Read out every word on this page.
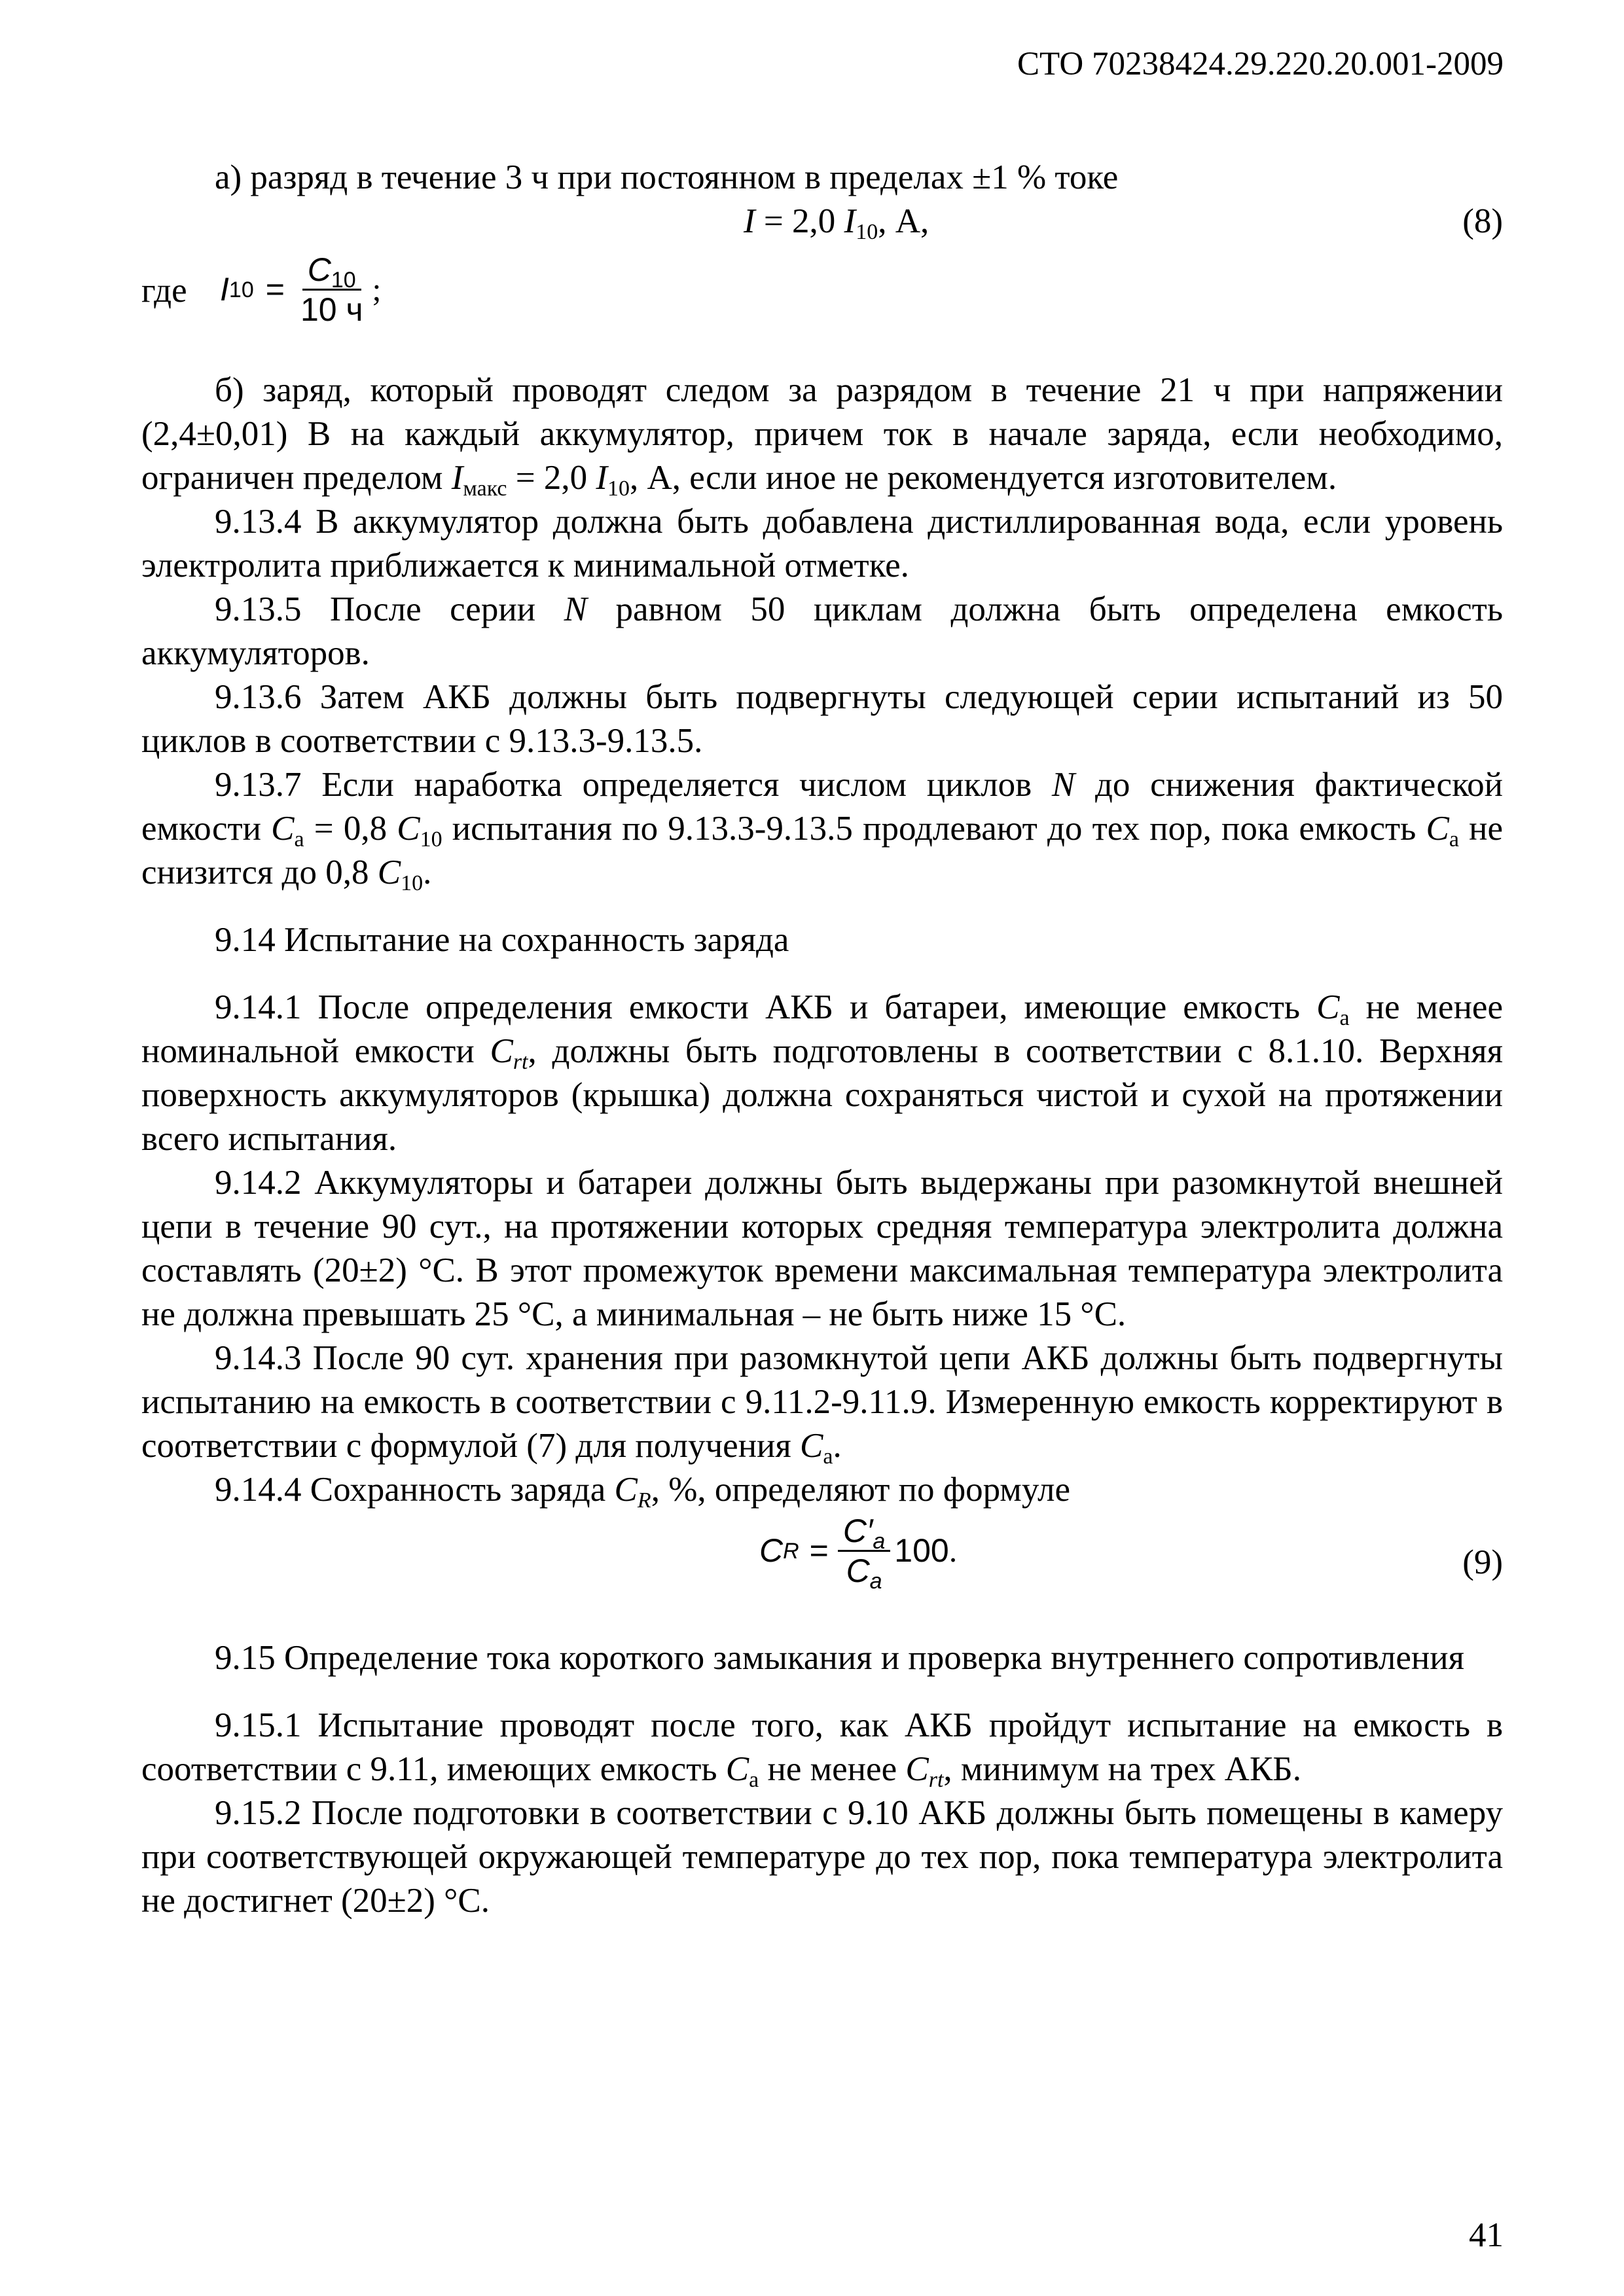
СТО 70238424.29.220.20.001-2009

а) разряд в течение 3 ч при постоянном в пределах ±1 % токе

I = 2,0 $I_{10}$, А,	(8)
где I $10 = \frac{C_{10}}{10 ч}$ ;

б) заряд, который проводят следом за разрядом в течение 21 ч при напряжении (2,4±0,01) В на каждый аккумулятор, причем ток в начале заряда, если необходимо, ограничен пределом $I_{макс} = 2,0$ $I_{10}$, А, если иное не рекомендуется изготовителем.

9.13.4 В аккумулятор должна быть добавлена дистиллированная вода, если уровень электролита приближается к минимальной отметке.

9.13.5 После серии N равном 50 циклам должна быть определена емкость аккумуляторов.

9.13.6 Затем АКБ должны быть подвергнуты следующей серии испытаний из 50 циклов в соответствии с 9.13.3-9.13.5.

9.13.7 Если наработка определяется числом циклов N до снижения фактической емкости $C_а = 0,8$ $C_{10}$ испытания по 9.13.3-9.13.5 продлевают до тех пор, пока емкость $C_а$ не снизится до 0,8 $C_{10}$.

9.14 Испытание на сохранность заряда

9.14.1 После определения емкости АКБ и батареи, имеющие емкость $C_а$ не менее номинальной емкости $C_{rt}$, должны быть подготовлены в соответствии с 8.1.10. Верхняя поверхность аккумуляторов (крышка) должна сохраняться чистой и сухой на протяжении всего испытания.

9.14.2 Аккумуляторы и батареи должны быть выдержаны при разомкнутой внешней цепи в течение 90 сут., на протяжении которых средняя температура электролита должна составлять (20±2) °С. В этот промежуток времени максимальная температура электролита не должна превышать 25 °С, а минимальная – не быть ниже 15 °С.

9.14.3 После 90 сут. хранения при разомкнутой цепи АКБ должны быть подвергнуты испытанию на емкость в соответствии с 9.11.2-9.11.9. Измеренную емкость корректируют в соответствии с формулой (7) для получения $C_а$.

9.14.4 Сохранность заряда $C_R$, %, определяют по формуле

C $R = \frac{C'_a}{C_a} 100$ .	(9)

9.15 Определение тока короткого замыкания и проверка внутреннего сопротивления

9.15.1 Испытание проводят после того, как АКБ пройдут испытание на емкость в соответствии с 9.11, имеющих емкость $C_а$ не менее $C_{rt}$, минимум на трех АКБ.

9.15.2 После подготовки в соответствии с 9.10 АКБ должны быть помещены в камеру при соответствующей окружающей температуре до тех пор, пока температура электролита не достигнет (20±2) °С.

41
